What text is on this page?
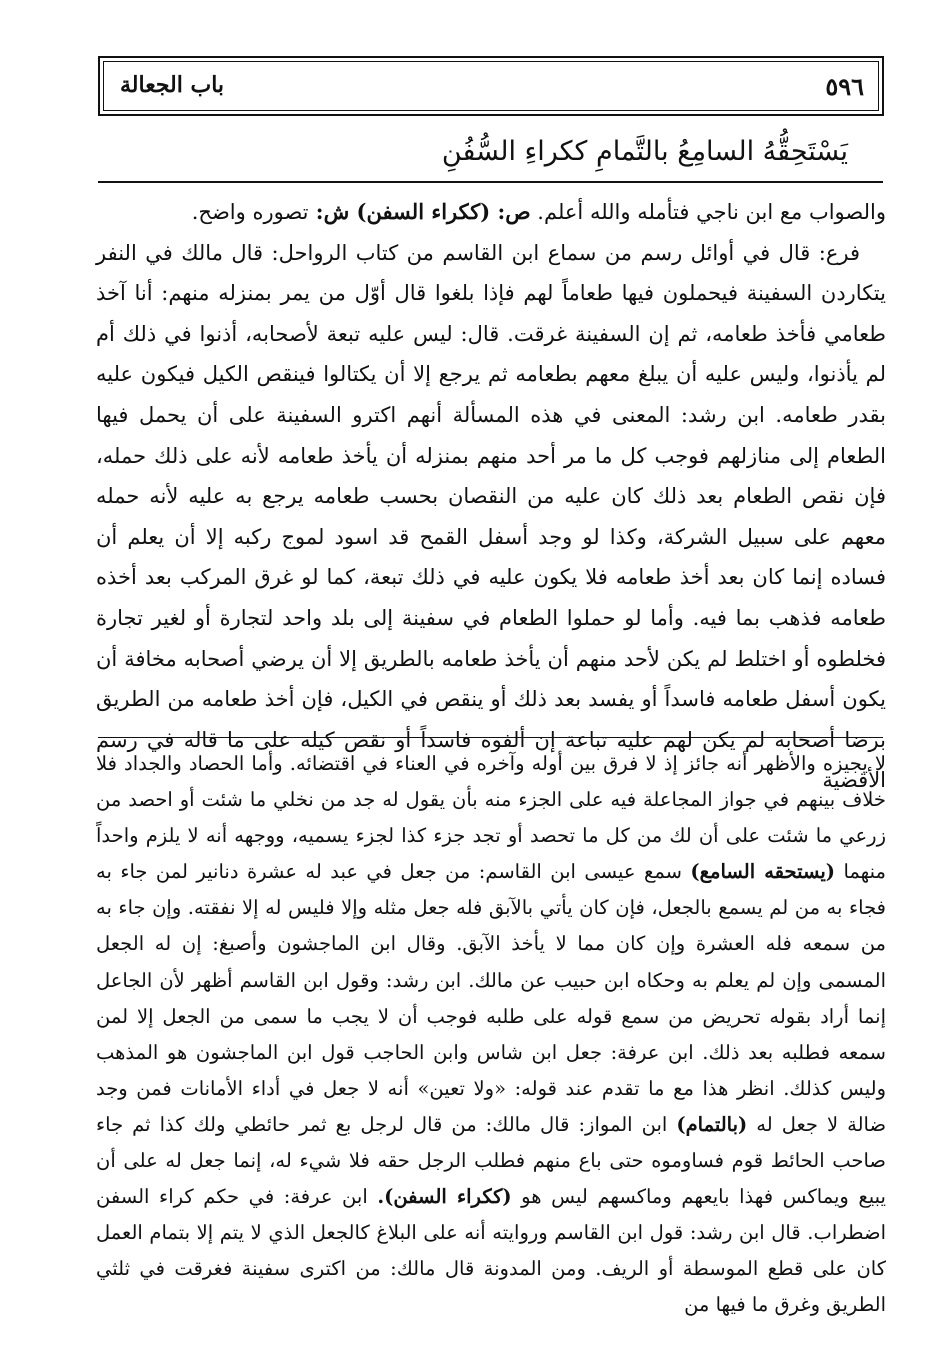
٥٩٦
باب الجعالة
يَسْتَحِقُّهُ السامِعُ بالتَّمامِ ككراءِ السُّفُنِ

والصواب مع ابن ناجي فتأمله والله أعلم. ص: (ككراء السفن) ش: تصوره واضح.

فرع: قال في أوائل رسم من سماع ابن القاسم من كتاب الرواحل: قال مالك في النفر يتكاردن السفينة فيحملون فيها طعاماً لهم فإذا بلغوا قال أوّل من يمر بمنزله منهم: أنا آخذ طعامي فأخذ طعامه، ثم إن السفينة غرقت. قال: ليس عليه تبعة لأصحابه، أذنوا في ذلك أم لم يأذنوا، وليس عليه أن يبلغ معهم بطعامه ثم يرجع إلا أن يكتالوا فينقص الكيل فيكون عليه بقدر طعامه. ابن رشد: المعنى في هذه المسألة أنهم اكترو السفينة على أن يحمل فيها الطعام إلى منازلهم فوجب كل ما مر أحد منهم بمنزله أن يأخذ طعامه لأنه على ذلك حمله، فإن نقص الطعام بعد ذلك كان عليه من النقصان بحسب طعامه يرجع به عليه لأنه حمله معهم على سبيل الشركة، وكذا لو وجد أسفل القمح قد اسود لموج ركبه إلا أن يعلم أن فساده إنما كان بعد أخذ طعامه فلا يكون عليه في ذلك تبعة، كما لو غرق المركب بعد أخذه طعامه فذهب بما فيه. وأما لو حملوا الطعام في سفينة إلى بلد واحد لتجارة أو لغير تجارة فخلطوه أو اختلط لم يكن لأحد منهم أن يأخذ طعامه بالطريق إلا أن يرضي أصحابه مخافة أن يكون أسفل طعامه فاسداً أو يفسد بعد ذلك أو ينقص في الكيل، فإن أخذ طعامه من الطريق برضا أصحابه لم يكن لهم عليه تباعة إن ألفوه فاسداً أو نقص كيله على ما قاله في رسم الأقضية

لا يجيزه والأظهر أنه جائز إذ لا فرق بين أوله وآخره في العناء في اقتضائه. وأما الحصاد والجداد فلا خلاف بينهم في جواز المجاعلة فيه على الجزء منه بأن يقول له جد من نخلي ما شئت أو احصد من زرعي ما شئت على أن لك من كل ما تحصد أو تجد جزء كذا لجزء يسميه، ووجهه أنه لا يلزم واحداً منهما (يستحقه السامع) سمع عيسى ابن القاسم: من جعل في عبد له عشرة دنانير لمن جاء به فجاء به من لم يسمع بالجعل، فإن كان يأتي بالآبق فله جعل مثله وإلا فليس له إلا نفقته. وإن جاء به من سمعه فله العشرة وإن كان مما لا يأخذ الآبق. وقال ابن الماجشون وأصبغ: إن له الجعل المسمى وإن لم يعلم به وحكاه ابن حبيب عن مالك. ابن رشد: وقول ابن القاسم أظهر لأن الجاعل إنما أراد بقوله تحريض من سمع قوله على طلبه فوجب أن لا يجب ما سمى من الجعل إلا لمن سمعه فطلبه بعد ذلك. ابن عرفة: جعل ابن شاس وابن الحاجب قول ابن الماجشون هو المذهب وليس كذلك. انظر هذا مع ما تقدم عند قوله: «ولا تعين» أنه لا جعل في أداء الأمانات فمن وجد ضالة لا جعل له (بالتمام) ابن المواز: قال مالك: من قال لرجل بع ثمر حائطي ولك كذا ثم جاء صاحب الحائط قوم فساوموه حتى باع منهم فطلب الرجل حقه فلا شيء له، إنما جعل له على أن يبيع ويماكس فهذا بايعهم وماكسهم ليس هو (ككراء السفن). ابن عرفة: في حكم كراء السفن اضطراب. قال ابن رشد: قول ابن القاسم وروايته أنه على البلاغ كالجعل الذي لا يتم إلا بتمام العمل كان على قطع الموسطة أو الريف. ومن المدونة قال مالك: من اكترى سفينة فغرقت في ثلثي الطريق وغرق ما فيها من
